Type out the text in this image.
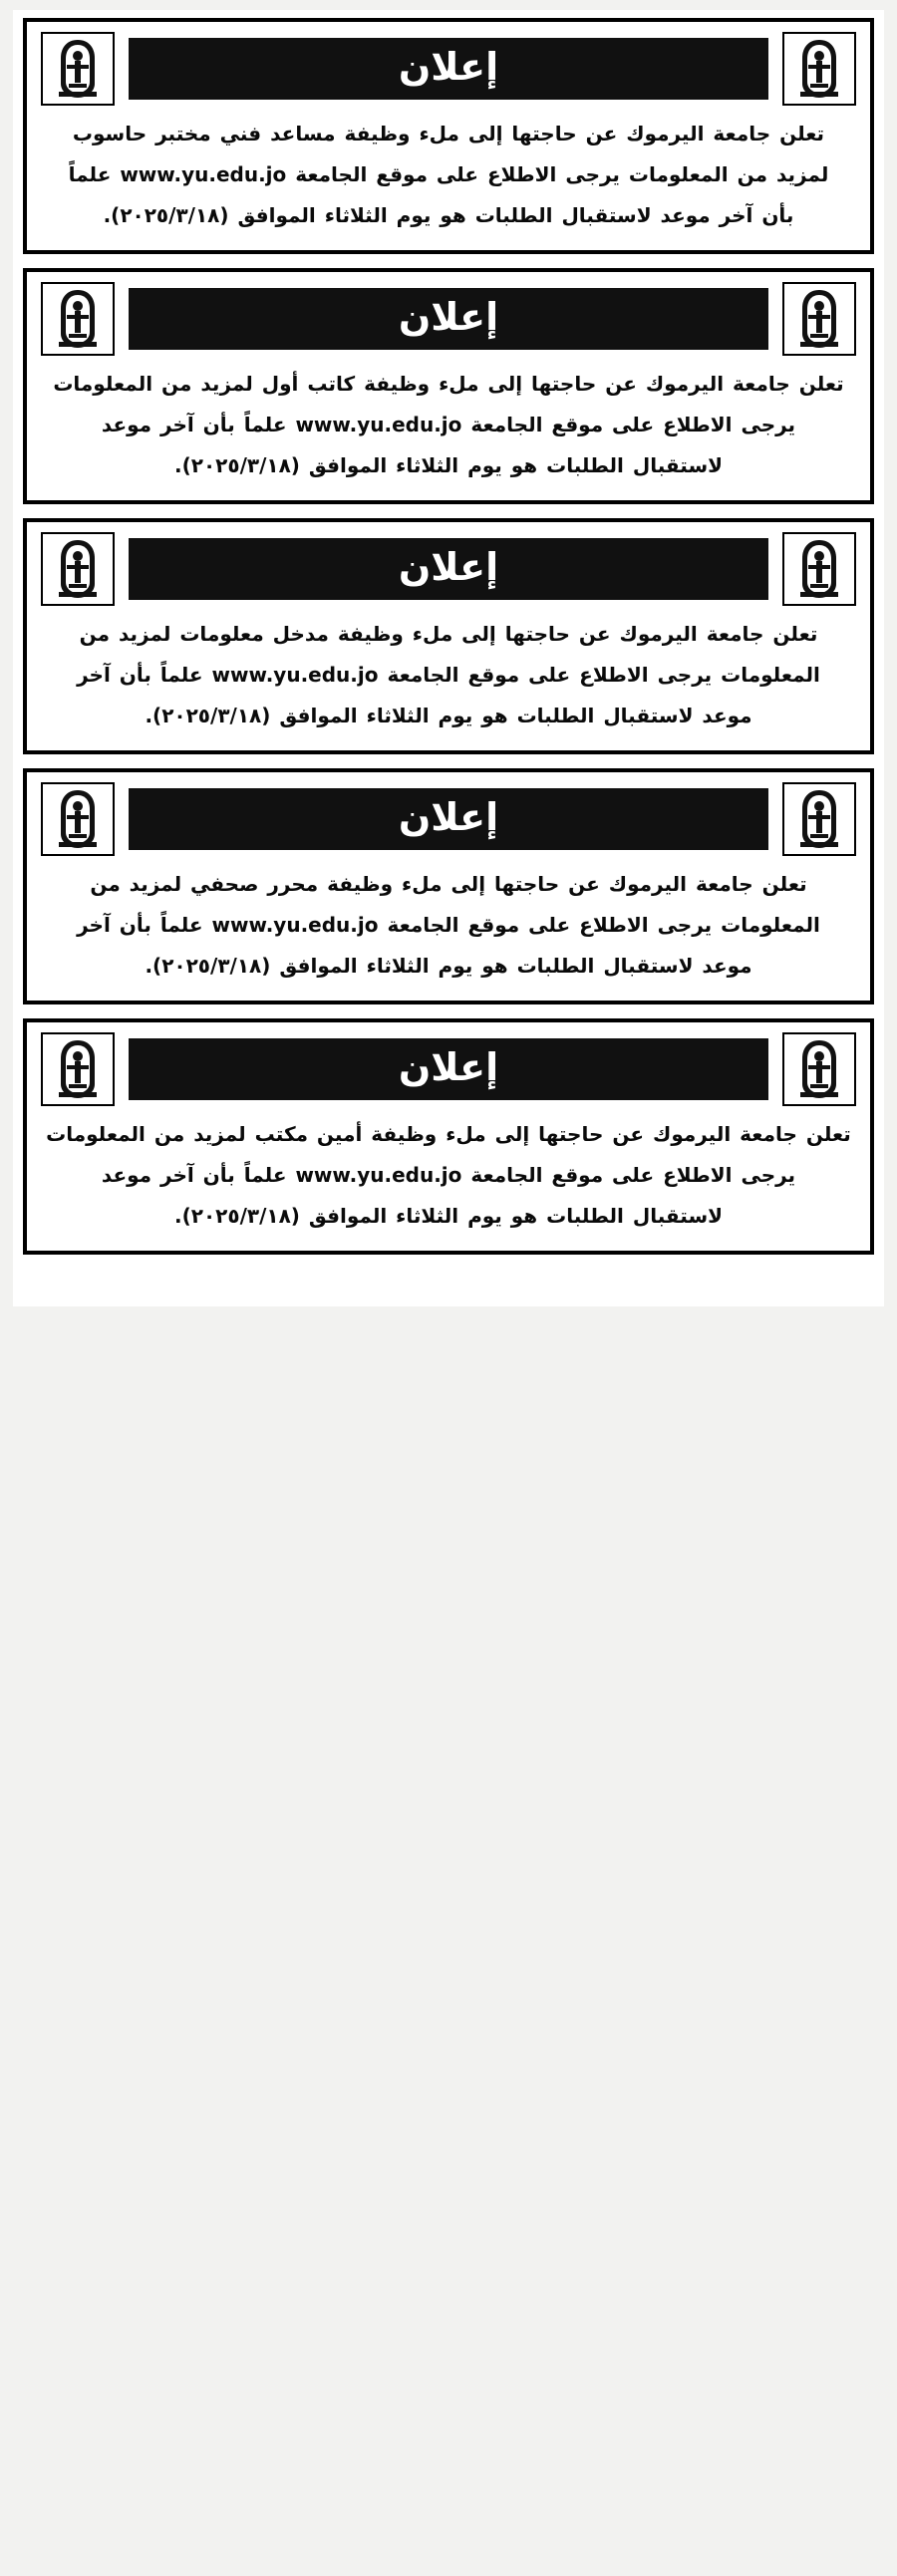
إعلان
تعلن جامعة اليرموك عن حاجتها إلى ملء وظيفة مساعد فني مختبر حاسوب
لمزيد من المعلومات يرجى الاطلاع على موقع الجامعة www.yu.edu.jo علماً
بأن آخر موعد لاستقبال الطلبات هو يوم الثلاثاء الموافق (٢٠٢٥/٣/١٨).
إعلان
تعلن جامعة اليرموك عن حاجتها إلى ملء وظيفة كاتب أول لمزيد من المعلومات
يرجى الاطلاع على موقع الجامعة www.yu.edu.jo علماً بأن آخر موعد
لاستقبال الطلبات هو يوم الثلاثاء الموافق (٢٠٢٥/٣/١٨).
إعلان
تعلن جامعة اليرموك عن حاجتها إلى ملء وظيفة مدخل معلومات لمزيد من
المعلومات يرجى الاطلاع على موقع الجامعة www.yu.edu.jo علماً بأن آخر
موعد لاستقبال الطلبات هو يوم الثلاثاء الموافق (٢٠٢٥/٣/١٨).
إعلان
تعلن جامعة اليرموك عن حاجتها إلى ملء وظيفة محرر صحفي لمزيد من
المعلومات يرجى الاطلاع على موقع الجامعة www.yu.edu.jo علماً بأن آخر
موعد لاستقبال الطلبات هو يوم الثلاثاء الموافق (٢٠٢٥/٣/١٨).
إعلان
تعلن جامعة اليرموك عن حاجتها إلى ملء وظيفة أمين مكتب لمزيد من المعلومات
يرجى الاطلاع على موقع الجامعة www.yu.edu.jo علماً بأن آخر موعد
لاستقبال الطلبات هو يوم الثلاثاء الموافق (٢٠٢٥/٣/١٨).
